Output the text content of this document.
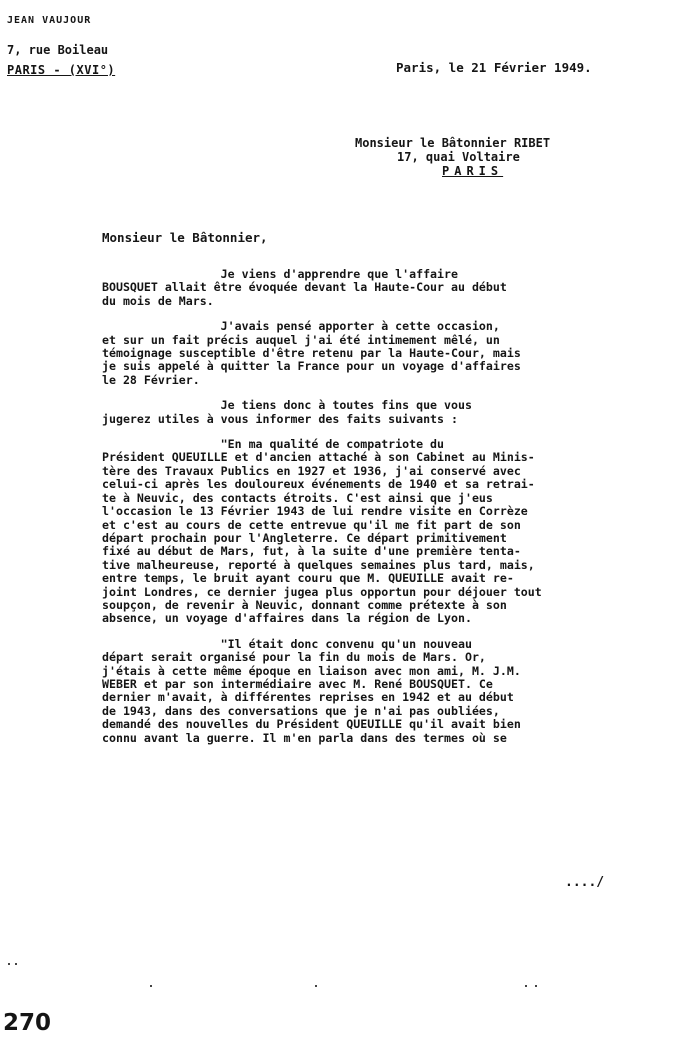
JEAN VAUJOUR
7, rue Boileau
PARIS - (XVI°)	Paris, le 21 Février 1949.
Monsieur le Bâtonnier RIBET
17, quai Voltaire
PARIS
Monsieur le Bâtonnier,
Je viens d'apprendre que l'affaire
BOUSQUET allait être évoquée devant la Haute-Cour au début
du mois de Mars.
J'avais pensé apporter à cette occasion,
et sur un fait précis auquel j'ai été intimement mêlé, un
témoignage susceptible d'être retenu par la Haute-Cour, mais
je suis appelé à quitter la France pour un voyage d'affaires
le 28 Février.
Je tiens donc à toutes fins que vous
jugerez utiles à vous informer des faits suivants :
"En ma qualité de compatriote du
Président QUEUILLE et d'ancien attaché à son Cabinet au Minis-
tère des Travaux Publics en 1927 et 1936, j'ai conservé avec
celui-ci après les douloureux événements de 1940 et sa retrai-
te à Neuvic, des contacts étroits. C'est ainsi que j'eus
l'occasion le 13 Février 1943 de lui rendre visite en Corrèze
et c'est au cours de cette entrevue qu'il me fit part de son
départ prochain pour l'Angleterre. Ce départ primitivement
fixé au début de Mars, fut, à la suite d'une première tenta-
tive malheureuse, reporté à quelques semaines plus tard, mais,
entre temps, le bruit ayant couru que M. QUEUILLE avait re-
joint Londres, ce dernier jugea plus opportun pour déjouer tout
soupçon, de revenir à Neuvic, donnant comme prétexte à son
absence, un voyage d'affaires dans la région de Lyon.
"Il était donc convenu qu'un nouveau
départ serait organisé pour la fin du mois de Mars. Or,
j'étais à cette même époque en liaison avec mon ami, M. J.M.
WEBER et par son intermédiaire avec M. René BOUSQUET. Ce
dernier m'avait, à différentes reprises en 1942 et au début
de 1943, dans des conversations que je n'ai pas oubliées,
demandé des nouvelles du Président QUEUILLE qu'il avait bien
connu avant la guerre. Il m'en parla dans des termes où se
..../
270
